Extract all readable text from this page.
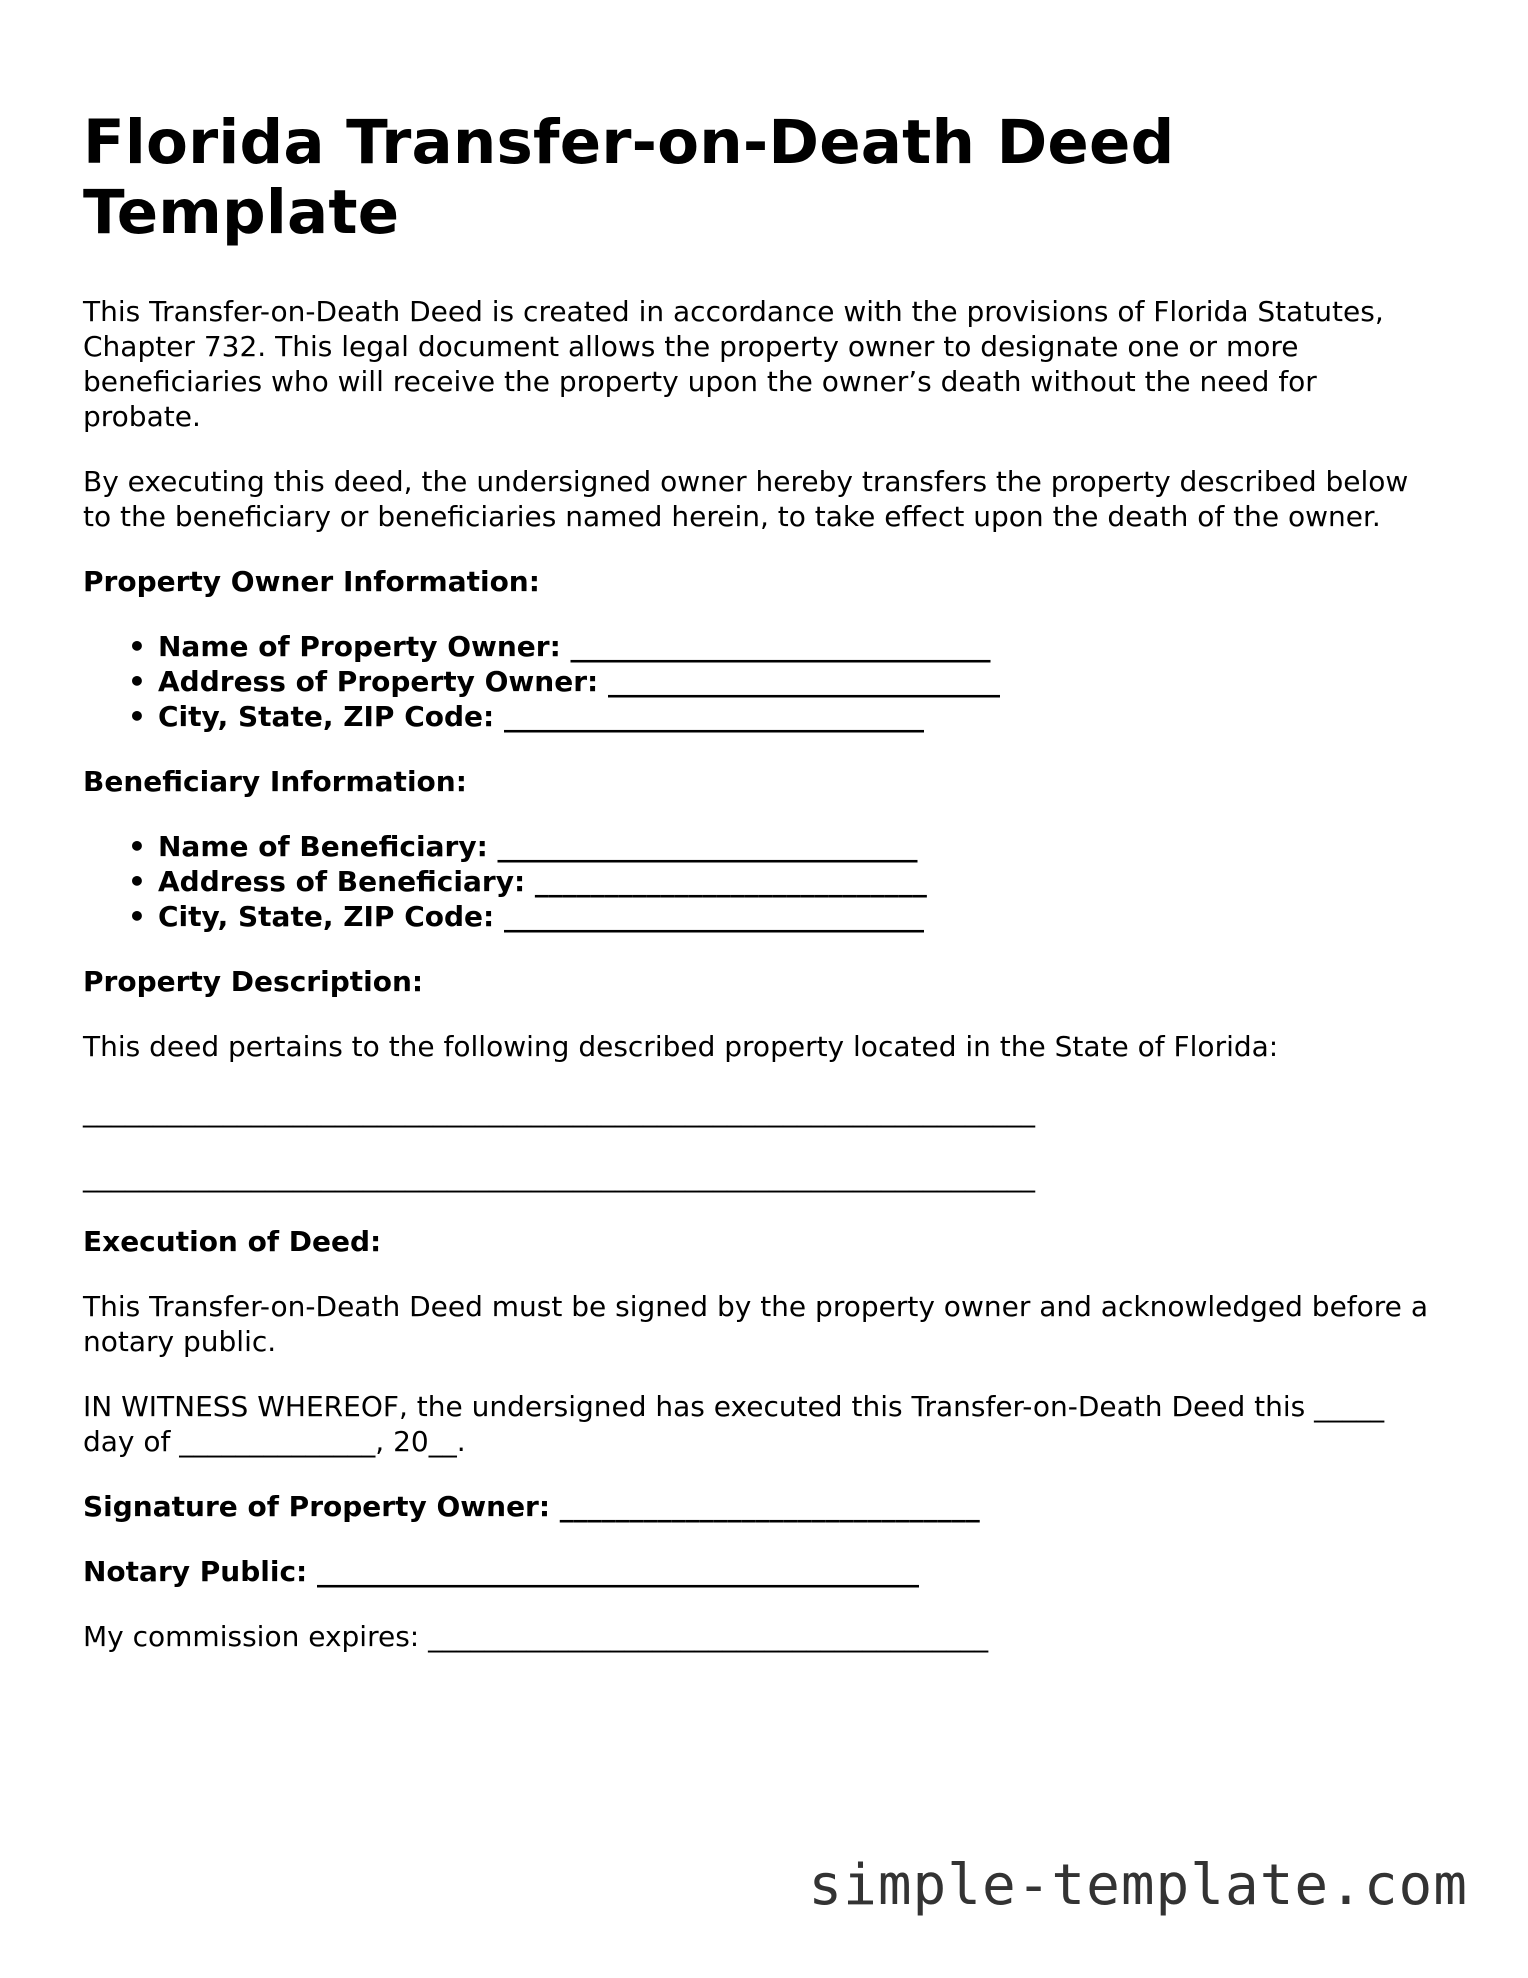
Florida Transfer-on-Death Deed Template

This Transfer-on-Death Deed is created in accordance with the provisions of Florida Statutes, Chapter 732. This legal document allows the property owner to designate one or more beneficiaries who will receive the property upon the owner’s death without the need for probate.

By executing this deed, the undersigned owner hereby transfers the property described below to the beneficiary or beneficiaries named herein, to take effect upon the death of the owner.

Property Owner Information:
• Name of Property Owner: ______________________________
• Address of Property Owner: ____________________________
• City, State, ZIP Code: ______________________________
Beneficiary Information:
• Name of Beneficiary: ______________________________
• Address of Beneficiary: ____________________________
• City, State, ZIP Code: ______________________________
Property Description:

This deed pertains to the following described property located in the State of Florida:

____________________________________________________________________
____________________________________________________________________
Execution of Deed:

This Transfer-on-Death Deed must be signed by the property owner and acknowledged before a notary public.

IN WITNESS WHEREOF, the undersigned has executed this Transfer-on-Death Deed this _____ day of ______________, 20__.

Signature of Property Owner: ______________________________
Notary Public: ___________________________________________

My commission expires: ________________________________________

simple-template.com
